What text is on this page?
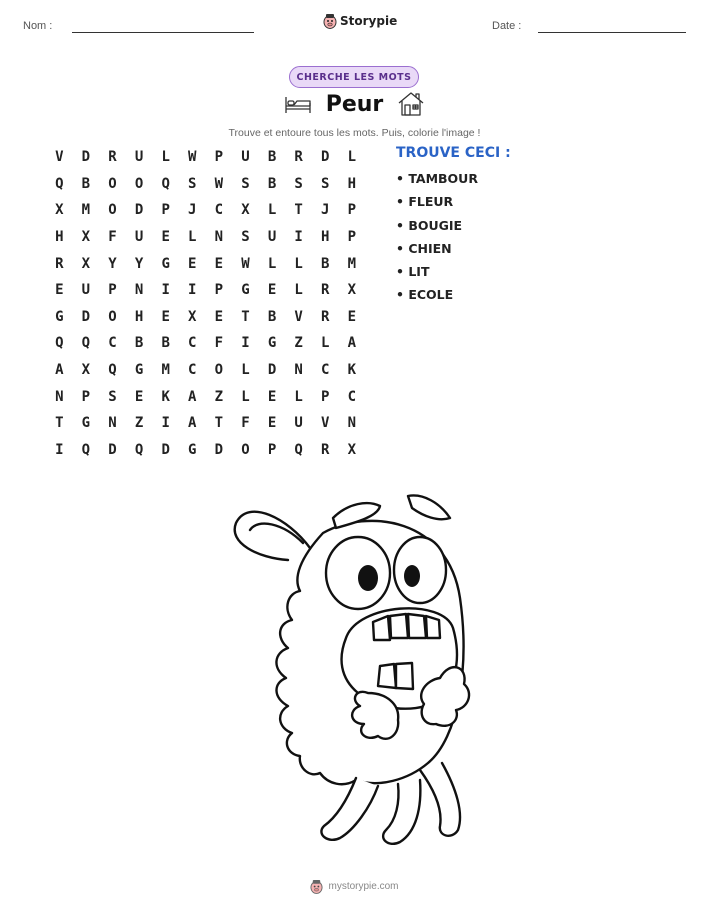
Nom :	Storypie	Date :
CHERCHE LES MOTS
Peur
Trouve et entoure tous les mots. Puis, colorie l'image !
V	D	R	U	L	W	P	U	B	R	D	L
Q	B	O	O	Q	S	W	S	B	S	S	H
X	M	O	D	P	J	C	X	L	T	J	P
H	X	F	U	E	L	N	S	U	I	H	P
R	X	Y	Y	G	E	E	W	L	L	B	M
E	U	P	N	I	I	P	G	E	L	R	X
G	D	O	H	E	X	E	T	B	V	R	E
Q	Q	C	B	B	C	F	I	G	Z	L	A
A	X	Q	G	M	C	O	L	D	N	C	K
N	P	S	E	K	A	Z	L	E	L	P	C
T	G	N	Z	I	A	T	F	E	U	V	N
I	Q	D	Q	D	G	D	O	P	Q	R	X
TROUVE CECI :
• TAMBOUR
• FLEUR
• BOUGIE
• CHIEN
• LIT
• ECOLE
mystorypie.com
